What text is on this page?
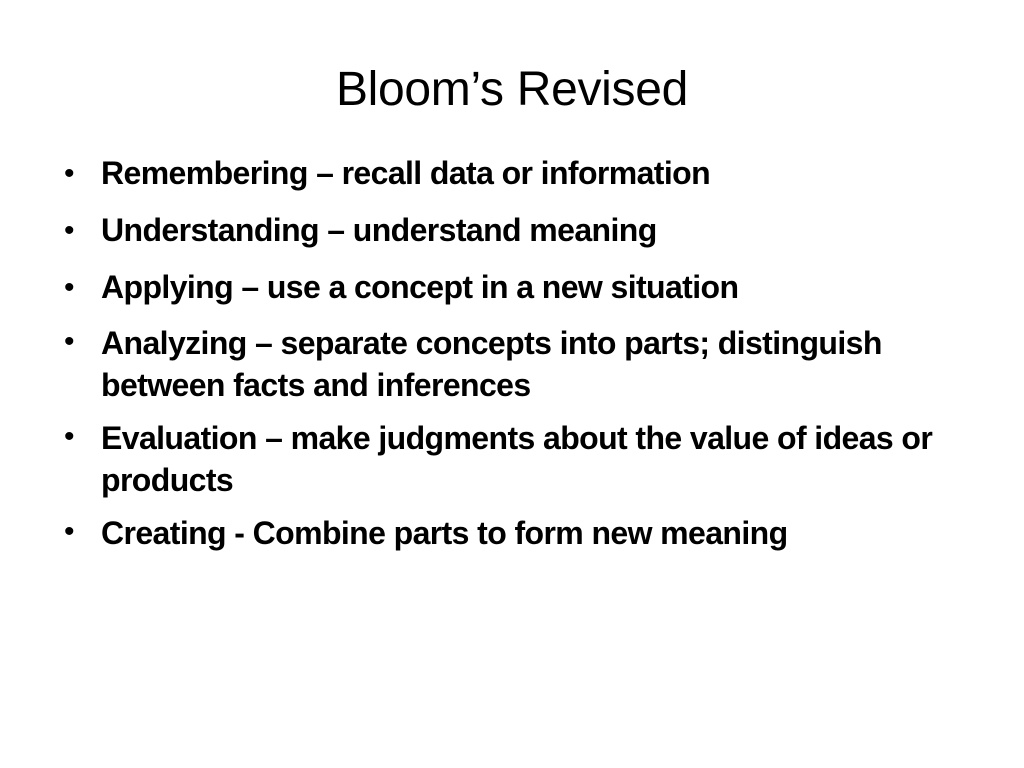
Bloom’s Revised
• Remembering – recall data or information
• Understanding – understand meaning
• Applying – use a concept in a new situation
• Analyzing – separate concepts into parts; distinguish between facts and inferences
• Evaluation – make judgments about the value of ideas or products
• Creating - Combine parts to form new meaning
